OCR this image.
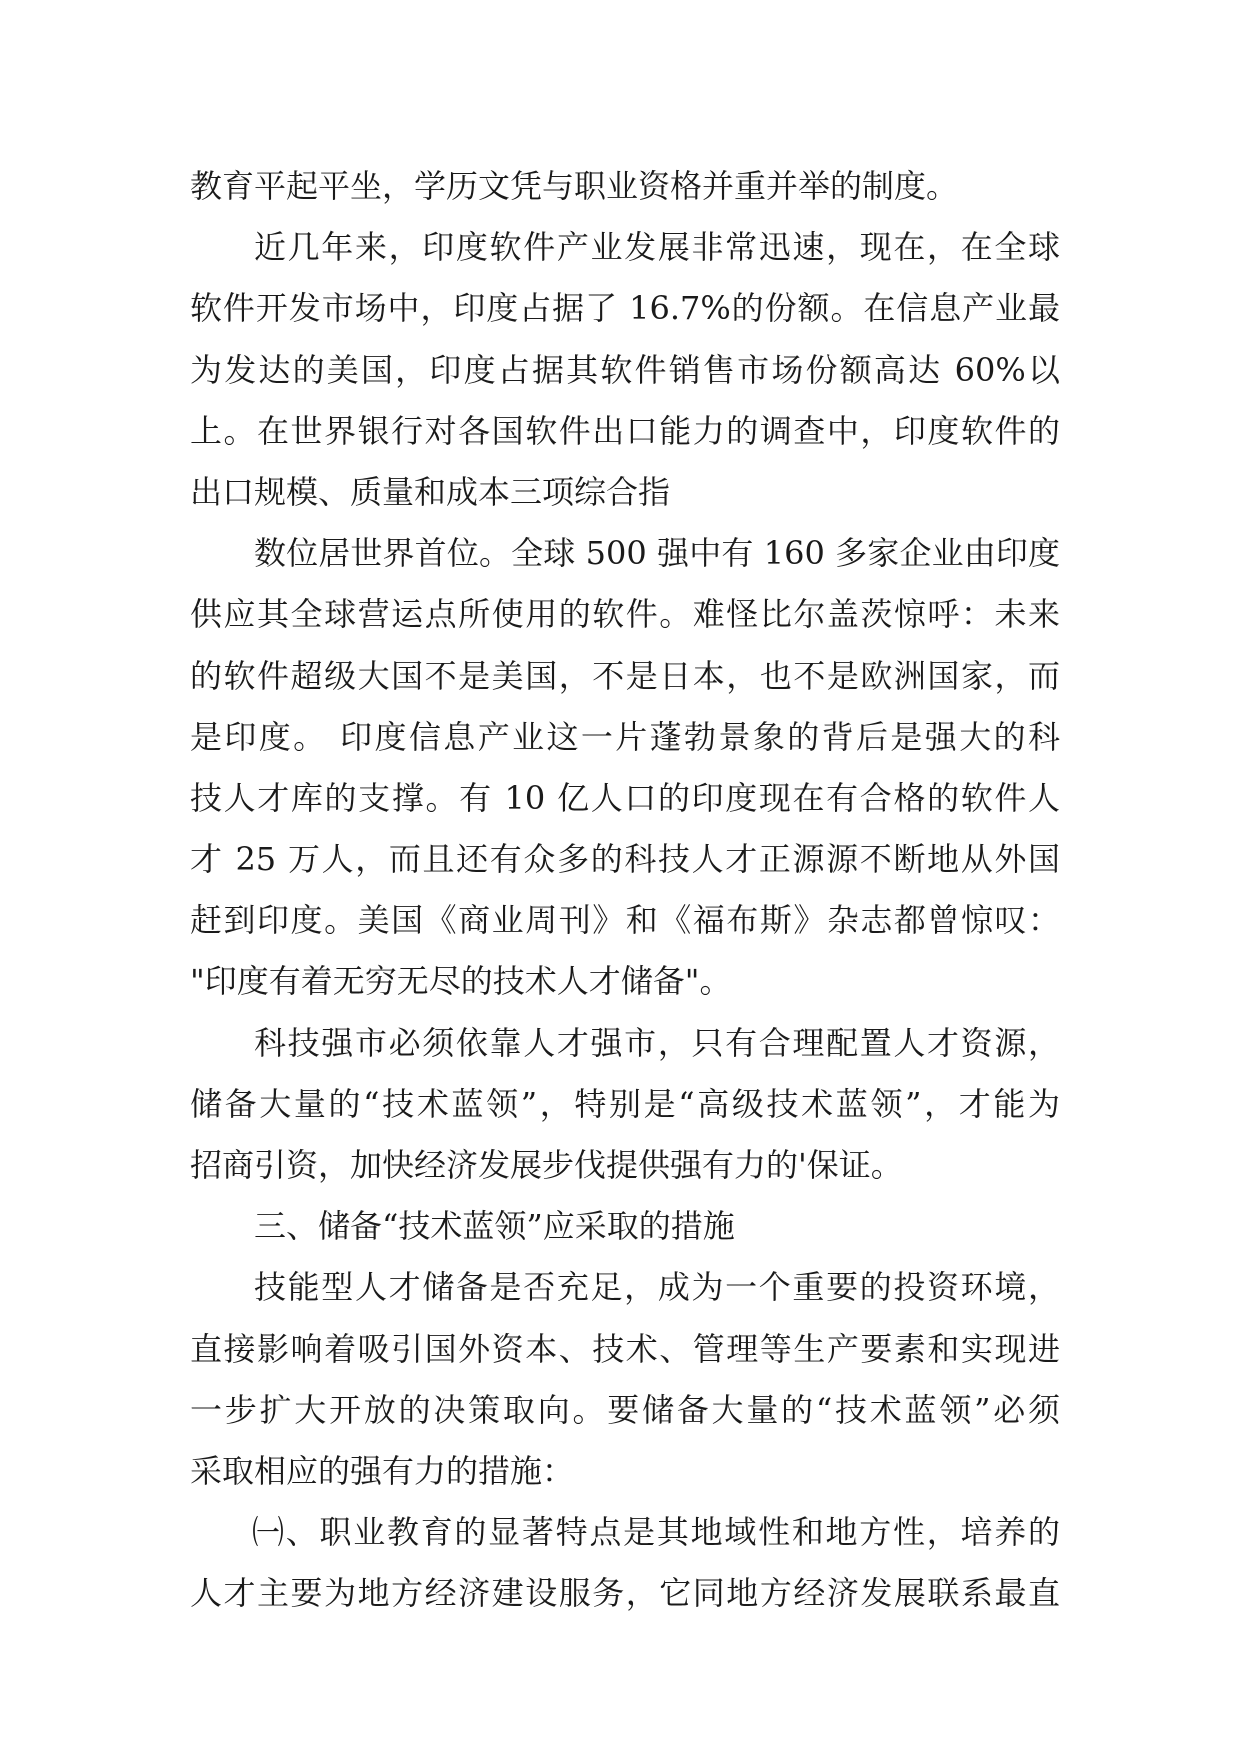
教育平起平坐，学历文凭与职业资格并重并举的制度。
近几年来，印度软件产业发展非常迅速，现在，在全球
软件开发市场中，印度占据了 16.7%的份额。在信息产业最
为发达的美国，印度占据其软件销售市场份额高达 60%以
上。在世界银行对各国软件出口能力的调查中，印度软件的
出口规模、质量和成本三项综合指
数位居世界首位。全球 500 强中有 160 多家企业由印度
供应其全球营运点所使用的软件。难怪比尔盖茨惊呼：未来
的软件超级大国不是美国，不是日本，也不是欧洲国家，而
是印度。 印度信息产业这一片蓬勃景象的背后是强大的科
技人才库的支撑。有 10 亿人口的印度现在有合格的软件人
才 25 万人，而且还有众多的科技人才正源源不断地从外国
赶到印度。美国《商业周刊》和《福布斯》杂志都曾惊叹：
"印度有着无穷无尽的技术人才储备"。
科技强市必须依靠人才强市，只有合理配置人才资源，
储备大量的“技术蓝领”，特别是“高级技术蓝领”，才能为
招商引资，加快经济发展步伐提供强有力的'保证。
三、储备“技术蓝领”应采取的措施
技能型人才储备是否充足，成为一个重要的投资环境，
直接影响着吸引国外资本、技术、管理等生产要素和实现进
一步扩大开放的决策取向。要储备大量的“技术蓝领”必须
采取相应的强有力的措施：
㈠、职业教育的显著特点是其地域性和地方性，培养的
人才主要为地方经济建设服务，它同地方经济发展联系最直
